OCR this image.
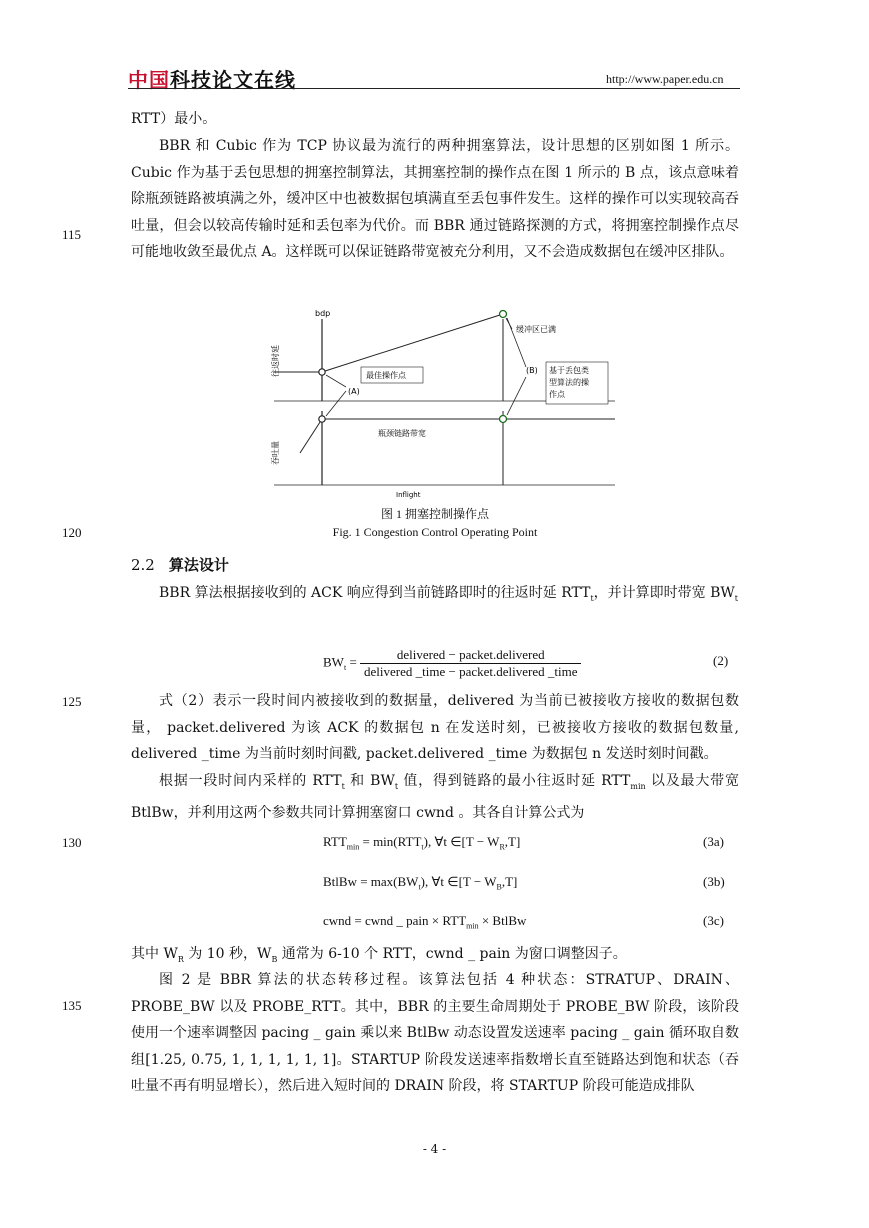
中国科技论文在线	http://www.paper.edu.cn
RTT）最小。
BBR 和 Cubic 作为 TCP 协议最为流行的两种拥塞算法，设计思想的区别如图 1 所示。Cubic 作为基于丢包思想的拥塞控制算法，其拥塞控制的操作点在图 1 所示的 B 点，该点意味着除瓶颈链路被填满之外，缓冲区中也被数据包填满直至丢包事件发生。这样的操作可以实现较高吞吐量，但会以较高传输时延和丢包率为代价。而 BBR 通过链路探测的方式，将拥塞控制操作点尽可能地收敛至最优点 A。这样既可以保证链路带宽被充分利用，又不会造成数据包在缓冲区排队。
115
bdp
往返时延
吞吐量
瓶颈链路带宽
Inflight
缓冲区已满
最佳操作点
(A)
(B) 基于丢包类
型算法的操
作点
图 1 拥塞控制操作点
120	Fig. 1 Congestion Control Operating Point
2.2 算法设计
BBR 算法根据接收到的 ACK 响应得到当前链路即时的往返时延 $RTT_t$，并计算即时带宽 $BW_t$
$BW_t = \frac{\text{delivered − packet.delivered}}{\text{delivered \_time − packet.delivered \_time}}$	(2)
125	式（2）表示一段时间内被接收到的数据量，delivered 为当前已被接收方接收的数据包数量， packet.delivered 为该 ACK 的数据包 n 在发送时刻，已被接收方接收的数据包数量, delivered _time 为当前时刻时间戳, packet.delivered _time 为数据包 n 发送时刻时间戳。
根据一段时间内采样的 $RTT_t$ 和 $BW_t$ 值，得到链路的最小往返时延 $RTT_{min}$ 以及最大带宽 BtlBw，并利用这两个参数共同计算拥塞窗口 cwnd 。其各自计算公式为
130	$RTT_{min} = \min(RTT_t)$, ∀t ∈[T − $W_R,T$]	(3a)
BtlBw = $\max(BW_t)$, ∀t ∈[T − $W_B,T$]	(3b)
cwnd = cwnd _ pain × $RTT_{min}$ × BtlBw	(3c)
其中 $W_R$ 为 10 秒，$W_B$ 通常为 6-10 个 RTT，cwnd _ pain 为窗口调整因子。
135
图 2 是 BBR 算法的状态转移过程。该算法包括 4 种状态：STRATUP、DRAIN、PROBE_BW 以及 PROBE_RTT。其中，BBR 的主要生命周期处于 PROBE_BW 阶段，该阶段使用一个速率调整因 pacing _ gain 乘以来 BtlBw 动态设置发送速率 pacing _ gain 循环取自数组[1.25, 0.75, 1, 1, 1, 1, 1, 1]。STARTUP 阶段发送速率指数增长直至链路达到饱和状态（吞吐量不再有明显增长），然后进入短时间的 DRAIN 阶段，将 STARTUP 阶段可能造成排队
- 4 -
